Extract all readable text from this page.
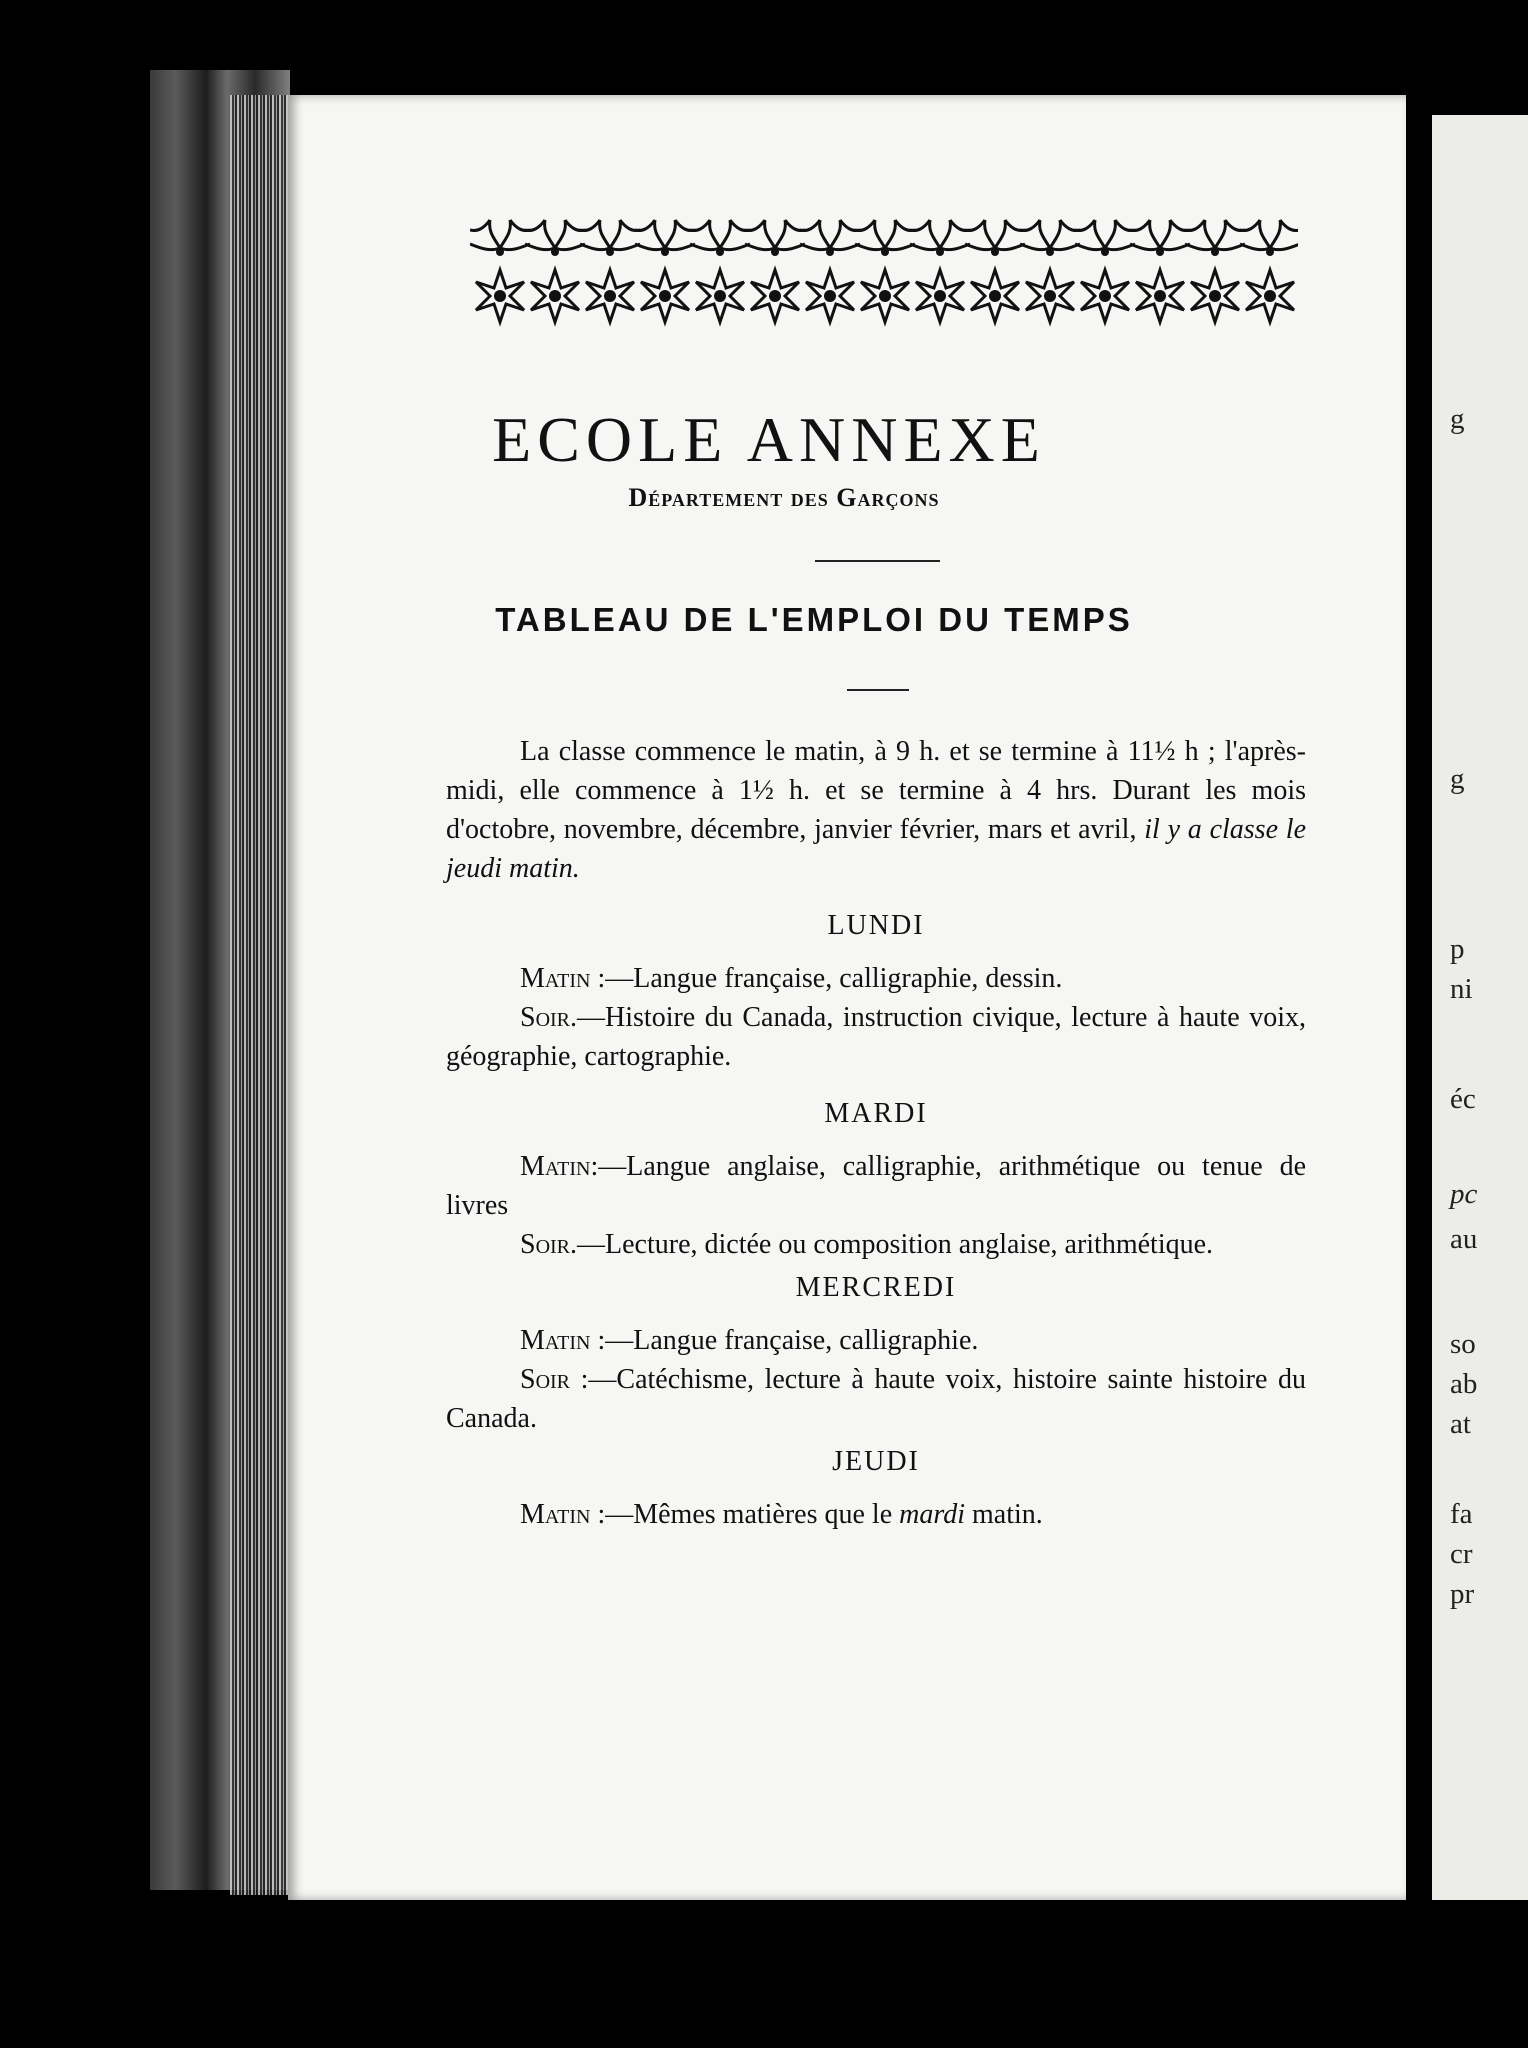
g
g
p
ni
éc
pc
au
so
ab
at
fa
cr
pr
ECOLE ANNEXE
Département des Garçons
TABLEAU DE L'EMPLOI DU TEMPS

La classe commence le matin, à 9 h. et se termine à 11½ h ; l'après-midi, elle commence à 1½ h. et se termine à 4 hrs. Durant les mois d'octobre, novembre, décembre, janvier février, mars et avril, il y a classe le jeudi matin.

LUNDI

Matin :—Langue française, calligraphie, dessin.

Soir.—Histoire du Canada, instruction civique, lecture à haute voix, géographie, cartographie.

MARDI

Matin:—Langue anglaise, calligraphie, arithmétique ou tenue de livres

Soir.—Lecture, dictée ou composition anglaise, arithmétique.

MERCREDI

Matin :—Langue française, calligraphie.

Soir :—Catéchisme, lecture à haute voix, histoire sainte histoire du Canada.

JEUDI

Matin :—Mêmes matières que le mardi matin.
